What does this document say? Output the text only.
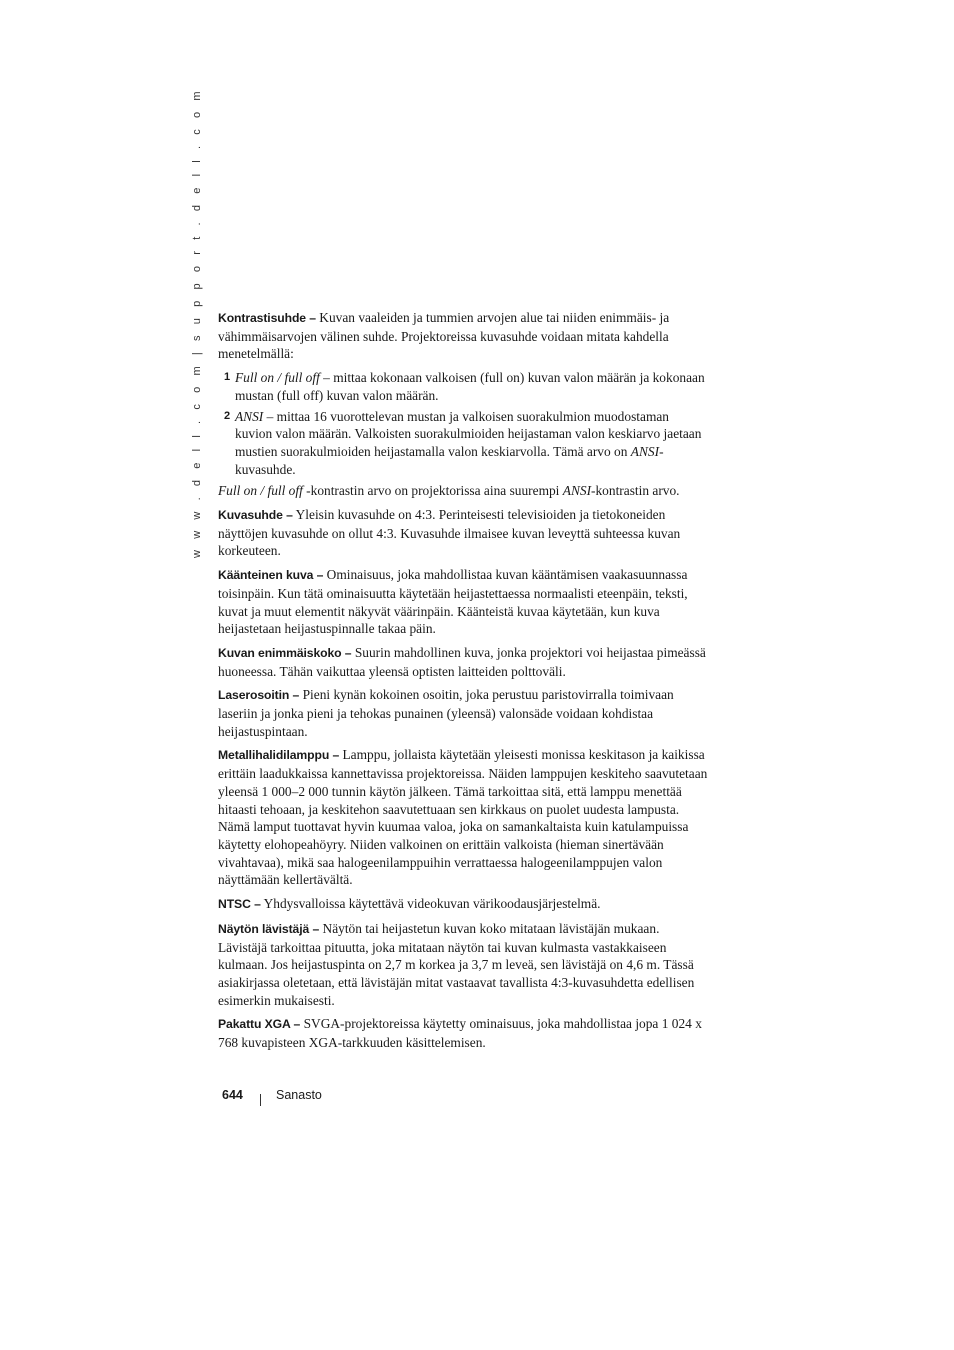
w w w . d e l l . c o m | s u p p o r t . d e l l . c o m Kontrastisuhde – Kuvan vaaleiden ja tummien arvojen alue tai niiden enimmäis- ja vähimmäisarvojen välinen suhde. Projektoreissa kuvasuhde voidaan mitata kahdella menetelmällä:

1 Full on / full off – mittaa kokonaan valkoisen (full on) kuvan valon määrän ja kokonaan mustan (full off) kuvan valon määrän.
2 ANSI – mittaa 16 vuorottelevan mustan ja valkoisen suorakulmion muodostaman kuvion valon määrän. Valkoisten suorakulmioiden heijastaman valon keskiarvo jaetaan mustien suorakulmioiden heijastamalla valon keskiarvolla. Tämä arvo on ANSI-kuvasuhde.

Full on / full off -kontrastin arvo on projektorissa aina suurempi ANSI-kontrastin arvo.

Kuvasuhde – Yleisin kuvasuhde on 4:3. Perinteisesti televisioiden ja tietokoneiden näyttöjen kuvasuhde on ollut 4:3. Kuvasuhde ilmaisee kuvan leveyttä suhteessa kuvan korkeuteen.

Käänteinen kuva – Ominaisuus, joka mahdollistaa kuvan kääntämisen vaakasuunnassa toisinpäin. Kun tätä ominaisuutta käytetään heijastettaessa normaalisti eteenpäin, teksti, kuvat ja muut elementit näkyvät väärinpäin. Käänteistä kuvaa käytetään, kun kuva heijastetaan heijastuspinnalle takaa päin.

Kuvan enimmäiskoko – Suurin mahdollinen kuva, jonka projektori voi heijastaa pimeässä huoneessa. Tähän vaikuttaa yleensä optisten laitteiden polttoväli.

Laserosoitin – Pieni kynän kokoinen osoitin, joka perustuu paristovirralla toimivaan laseriin ja jonka pieni ja tehokas punainen (yleensä) valonsäde voidaan kohdistaa heijastuspintaan.

Metallihalidilamppu – Lamppu, jollaista käytetään yleisesti monissa keskitason ja kaikissa erittäin laadukkaissa kannettavissa projektoreissa. Näiden lamppujen keskiteho saavutetaan yleensä 1 000–2 000 tunnin käytön jälkeen. Tämä tarkoittaa sitä, että lamppu menettää hitaasti tehoaan, ja keskitehon saavutettuaan sen kirkkaus on puolet uudesta lampusta. Nämä lamput tuottavat hyvin kuumaa valoa, joka on samankaltaista kuin katulampuissa käytetty elohopeahöyry. Niiden valkoinen on erittäin valkoista (hieman sinertävään vivahtavaa), mikä saa halogeenilamppuihin verrattaessa halogeenilamppujen valon näyttämään kellertävältä.

NTSC – Yhdysvalloissa käytettävä videokuvan värikoodausjärjestelmä.

Näytön lävistäjä – Näytön tai heijastetun kuvan koko mitataan lävistäjän mukaan. Lävistäjä tarkoittaa pituutta, joka mitataan näytön tai kuvan kulmasta vastakkaiseen kulmaan. Jos heijastuspinta on 2,7 m korkea ja 3,7 m leveä, sen lävistäjä on 4,6 m. Tässä asiakirjassa oletetaan, että lävistäjän mitat vastaavat tavallista 4:3-kuvasuhdetta edellisen esimerkin mukaisesti.

Pakattu XGA – SVGA-projektoreissa käytetty ominaisuus, joka mahdollistaa jopa 1 024 x 768 kuvapisteen XGA-tarkkuuden käsittelemisen.

644	Sanasto
